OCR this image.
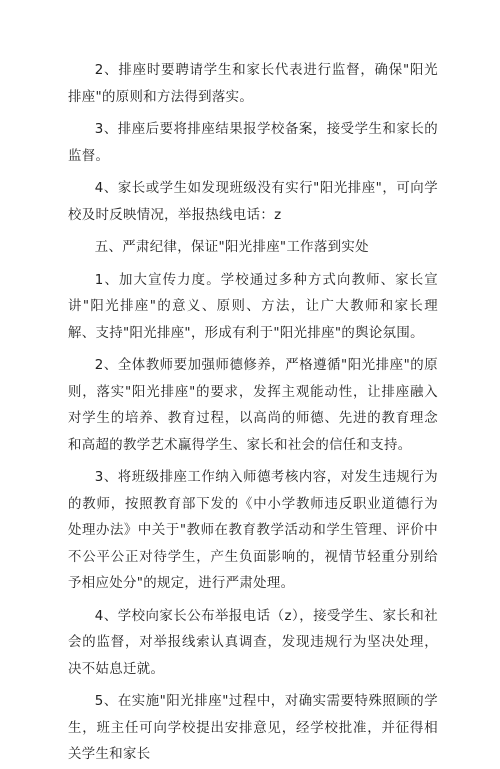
2、排座时要聘请学生和家长代表进行监督，确保"阳光排座"的原则和方法得到落实。

3、排座后要将排座结果报学校备案，接受学生和家长的监督。

4、家长或学生如发现班级没有实行"阳光排座"，可向学校及时反映情况，举报热线电话：z

五、严肃纪律，保证"阳光排座"工作落到实处

1、加大宣传力度。学校通过多种方式向教师、家长宣讲"阳光排座"的意义、原则、方法，让广大教师和家长理解、支持"阳光排座"，形成有利于"阳光排座"的舆论氛围。

2、全体教师要加强师德修养，严格遵循"阳光排座"的原则，落实"阳光排座"的要求，发挥主观能动性，让排座融入对学生的培养、教育过程，以高尚的师德、先进的教育理念和高超的教学艺术赢得学生、家长和社会的信任和支持。

3、将班级排座工作纳入师德考核内容，对发生违规行为的教师，按照教育部下发的《中小学教师违反职业道德行为处理办法》中关于"教师在教育教学活动和学生管理、评价中不公平公正对待学生，产生负面影响的，视情节轻重分别给予相应处分"的规定，进行严肃处理。

4、学校向家长公布举报电话（z），接受学生、家长和社会的监督，对举报线索认真调查，发现违规行为坚决处理，决不姑息迁就。

5、在实施"阳光排座"过程中，对确实需要特殊照顾的学生，班主任可向学校提出安排意见，经学校批准，并征得相关学生和家长
